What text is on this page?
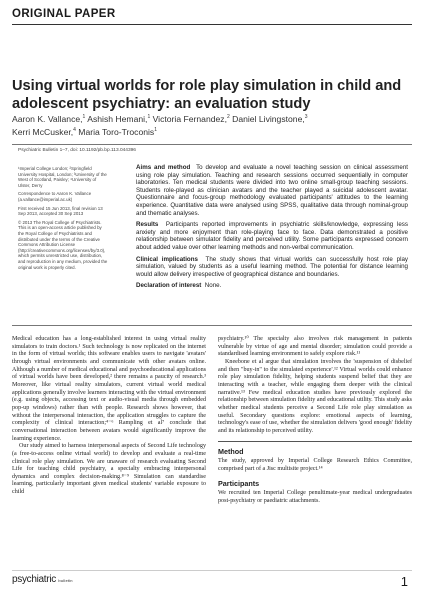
ORIGINAL PAPER
Using virtual worlds for role play simulation in child and adolescent psychiatry: an evaluation study
Aaron K. Vallance,$^1$ Ashish Hemani,$^1$ Victoria Fernandez,$^2$ Daniel Livingstone,$^3$
Kerri McCusker,$^4$ Maria Toro-Troconis$^1$
Psychiatric Bulletin 1–7, doi: 10.1192/pb.bp.113.044396

¹Imperial College London; ²Springfield University Hospital, London; ³University of the West of Scotland, Paisley; ⁴University of Ulster, Derry

Correspondence to Aaron K. Vallance (a.vallance@imperial.ac.uk)

First received 15 Jun 2013, final revision 13 Sep 2013, accepted 30 Sep 2013

© 2013 The Royal College of Psychiatrists. This is an open-access article published by the Royal College of Psychiatrists and distributed under the terms of the Creative Commons Attribution License (http://creativecommons.org/licenses/by/3.0), which permits unrestricted use, distribution, and reproduction in any medium, provided the original work is properly cited.

Aims and method To develop and evaluate a novel teaching session on clinical assessment using role play simulation. Teaching and research sessions occurred sequentially in computer laboratories. Ten medical students were divided into two online small-group teaching sessions. Students role-played as clinician avatars and the teacher played a suicidal adolescent avatar. Questionnaire and focus-group methodology evaluated participants' attitudes to the learning experience. Quantitative data were analysed using SPSS, qualitative data through nominal-group and thematic analyses.

Results Participants reported improvements in psychiatric skills/knowledge, expressing less anxiety and more enjoyment than role-playing face to face. Data demonstrated a positive relationship between simulator fidelity and perceived utility. Some participants expressed concern about added value over other learning methods and non-verbal communication.

Clinical implications The study shows that virtual worlds can successfully host role play simulation, valued by students as a useful learning method. The potential for distance learning would allow delivery irrespective of geographical distance and boundaries.

Declaration of interest None.

Medical education has a long-established interest in using virtual reality simulators to train doctors.¹ Such technology is now replicated on the internet in the form of virtual worlds; this software enables users to navigate 'avatars' through virtual environments and communicate with other avatars online. Although a number of medical educational and psychoeducational applications of virtual worlds have been developed,² there remains a paucity of research.³ Moreover, like virtual reality simulators, current virtual world medical applications generally involve learners interacting with the virtual environment (e.g. using objects, accessing text or audio-visual media through embedded pop-up windows) rather than with people. Research shows however, that without the interpersonal interaction, the application struggles to capture the complexity of clinical interaction;⁴⁻⁶ Rampling et al⁷ conclude that conversational interaction between avatars would significantly improve the learning experience.

Our study aimed to harness interpersonal aspects of Second Life technology (a free-to-access online virtual world) to develop and evaluate a real-time clinical role play simulation. We are unaware of research evaluating Second Life for teaching child psychiatry, a specialty embracing interpersonal dynamics and complex decision-making.⁸⁻⁹ Simulation can standardise learning, particularly important given medical students' variable exposure to child

psychiatry.¹⁰ The specialty also involves risk management in patients vulnerable by virtue of age and mental disorder; simulation could provide a standardised learning environment to safely explore risk.¹¹

Kneebone et al argue that simulation involves the 'suspension of disbelief and then "buy-in" to the simulated experience'.¹² Virtual worlds could enhance role play simulation fidelity, helping students suspend belief that they are interacting with a teacher, while engaging them deeper with the clinical narrative.¹³ Few medical education studies have previously explored the relationship between simulation fidelity and educational utility. This study asks whether medical students perceive a Second Life role play simulation as useful. Secondary questions explore: emotional aspects of learning, technology's ease of use, whether the simulation delivers 'good enough' fidelity and its relationship to perceived utility.

Method

The study, approved by Imperial College Research Ethics Committee, comprised part of a Jisc multisite project.¹⁴

Participants

We recruited ten Imperial College penultimate-year medical undergraduates post-psychiatry or paediatric attachments.

psychiatric bulletin	1
